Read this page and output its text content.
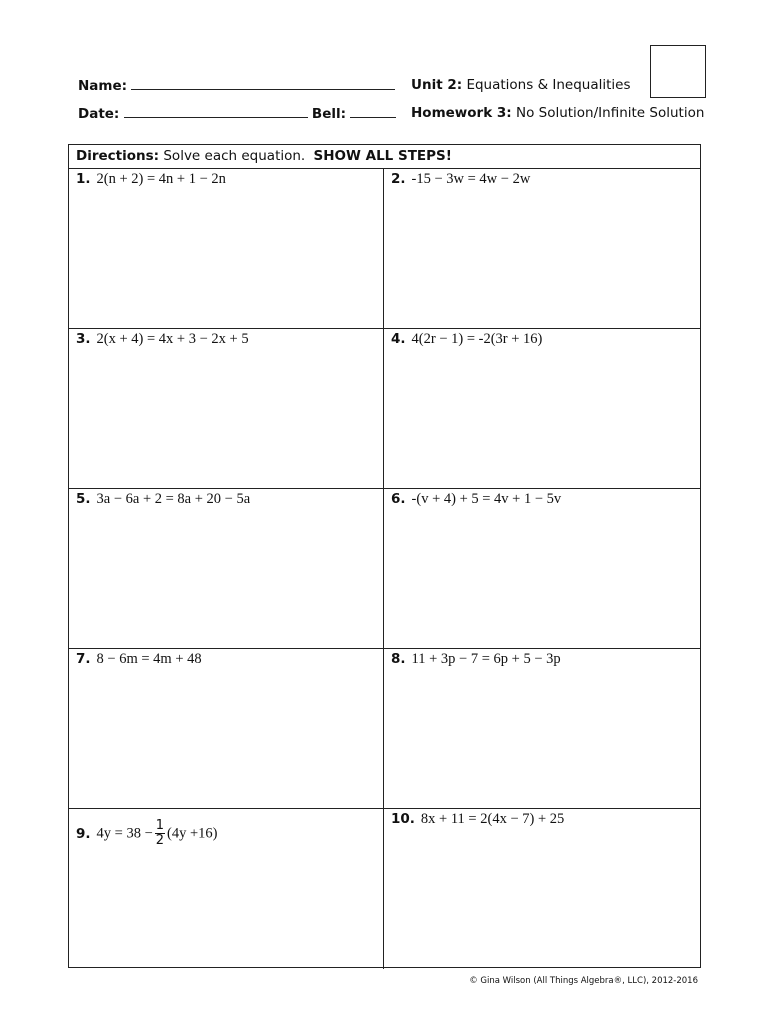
Name:
Date:	Bell:
Unit 2: Equations & Inequalities
Homework 3: No Solution/Infinite Solution
Directions: Solve each equation. SHOW ALL STEPS!
1. 2(n + 2) = 4n + 1 − 2n	2. -15 − 3w = 4w − 2w
3. 2(x + 4) = 4x + 3 − 2x + 5	4. 4(2r − 1) = -2(3r + 16)
5. 3a − 6a + 2 = 8a + 20 − 5a	6. -(v + 4) + 5 = 4v + 1 − 5v
7. 8 − 6m = 4m + 48	8. 11 + 3p − 7 = 6p + 5 − 3p
9. $4y = 38 - \frac{1}{2} (4y +16)$
10. 8x + 11 = 2(4x − 7) + 25
© Gina Wilson (All Things Algebra®, LLC), 2012-2016
